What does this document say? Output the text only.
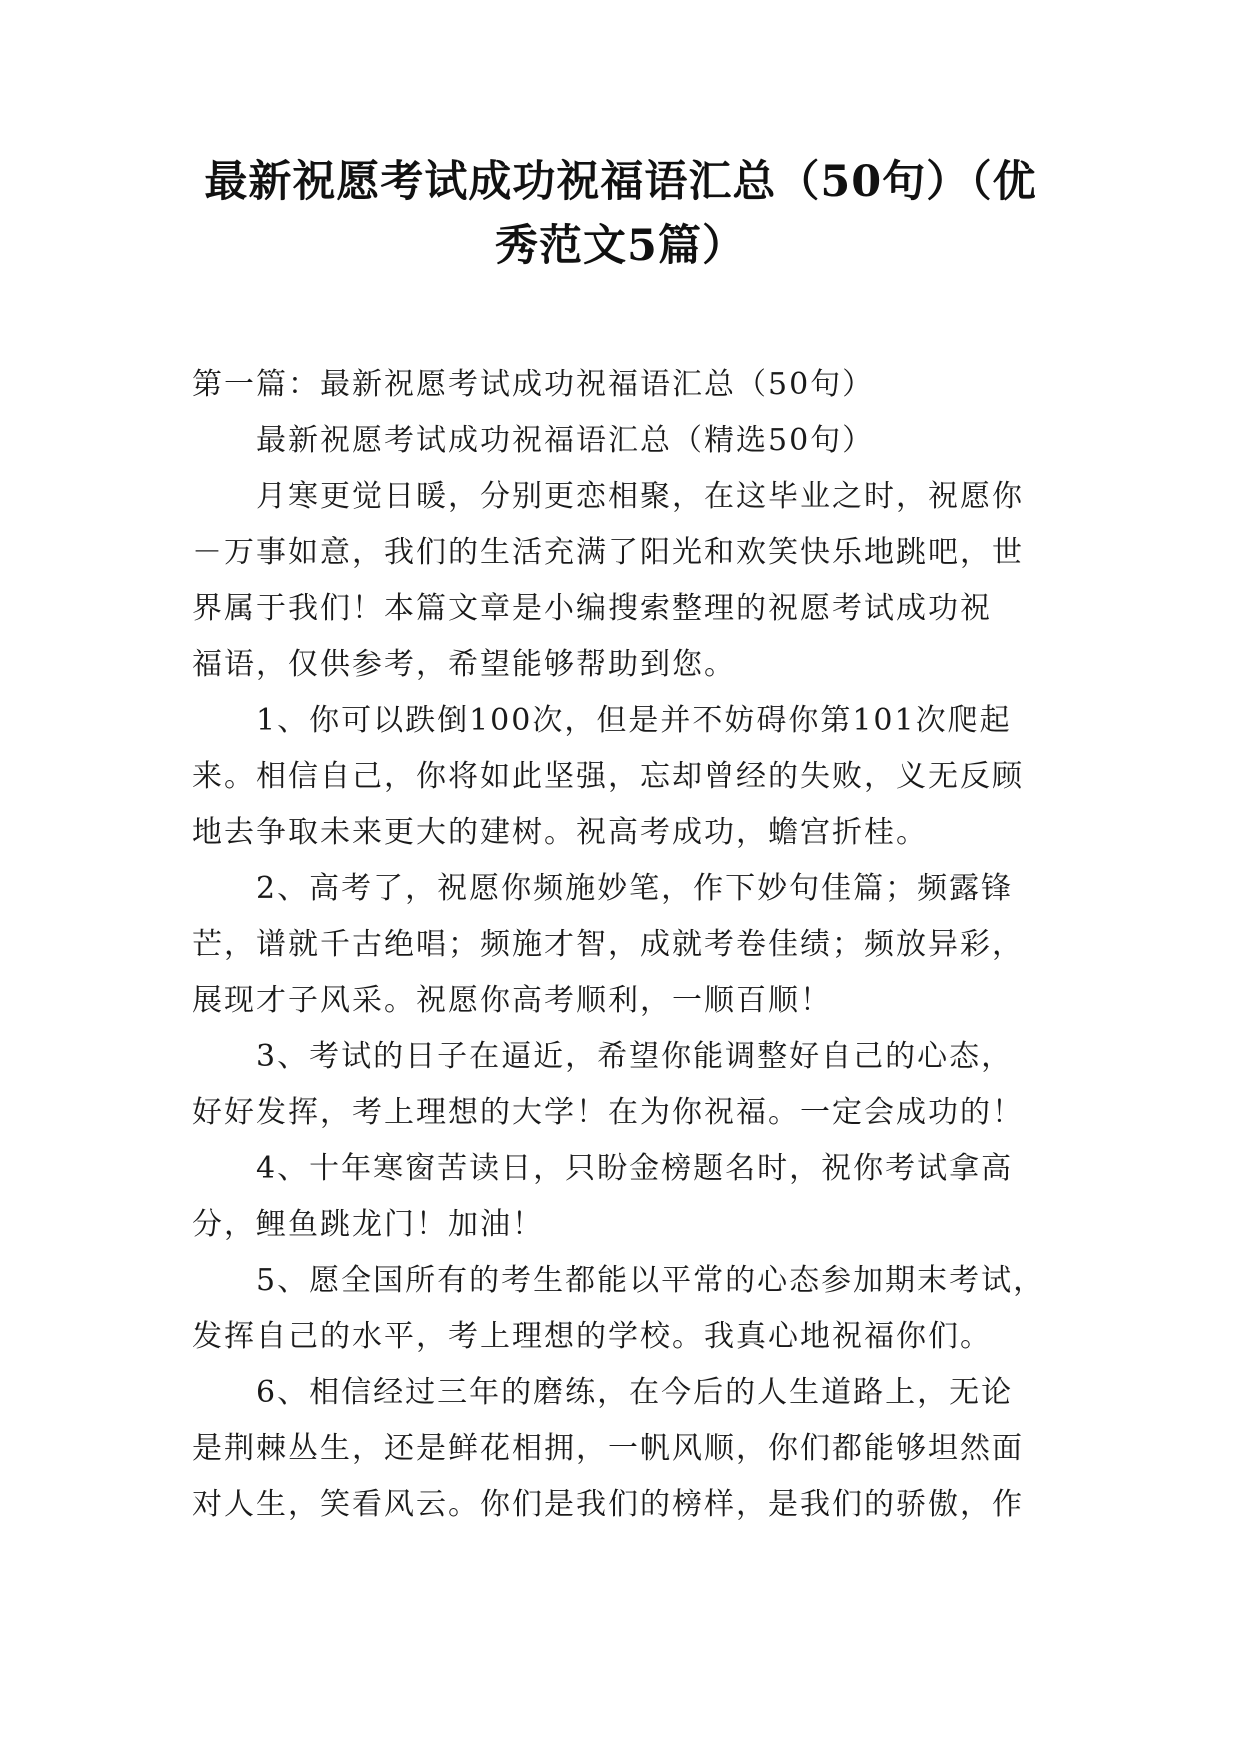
最新祝愿考试成功祝福语汇总（50句）（优
秀范文5篇）

第一篇：最新祝愿考试成功祝福语汇总（50句）

最新祝愿考试成功祝福语汇总（精选50句）

月寒更觉日暖，分别更恋相聚，在这毕业之时，祝愿你
－万事如意，我们的生活充满了阳光和欢笑快乐地跳吧，世
界属于我们！本篇文章是小编搜索整理的祝愿考试成功祝
福语，仅供参考，希望能够帮助到您。

1、你可以跌倒100次，但是并不妨碍你第101次爬起
来。相信自己，你将如此坚强，忘却曾经的失败，义无反顾
地去争取未来更大的建树。祝高考成功，蟾宫折桂。

2、高考了，祝愿你频施妙笔，作下妙句佳篇；频露锋
芒，谱就千古绝唱；频施才智，成就考卷佳绩；频放异彩，
展现才子风采。祝愿你高考顺利，一顺百顺！

3、考试的日子在逼近，希望你能调整好自己的心态，
好好发挥，考上理想的大学！在为你祝福。一定会成功的！

4、十年寒窗苦读日，只盼金榜题名时，祝你考试拿高
分，鲤鱼跳龙门！加油！

5、愿全国所有的考生都能以平常的心态参加期末考试，
发挥自己的水平，考上理想的学校。我真心地祝福你们。

6、相信经过三年的磨练，在今后的人生道路上，无论
是荆棘丛生，还是鲜花相拥，一帆风顺，你们都能够坦然面
对人生，笑看风云。你们是我们的榜样，是我们的骄傲，作
